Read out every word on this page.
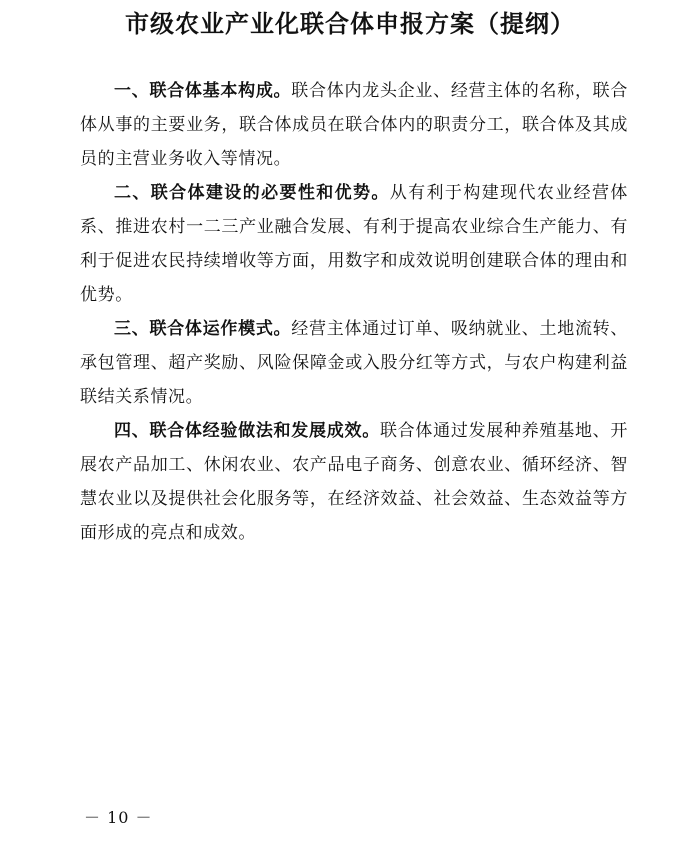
市级农业产业化联合体申报方案（提纲）

一、联合体基本构成。联合体内龙头企业、经营主体的名称，联合体从事的主要业务，联合体成员在联合体内的职责分工，联合体及其成员的主营业务收入等情况。

二、联合体建设的必要性和优势。从有利于构建现代农业经营体系、推进农村一二三产业融合发展、有利于提高农业综合生产能力、有利于促进农民持续增收等方面，用数字和成效说明创建联合体的理由和优势。

三、联合体运作模式。经营主体通过订单、吸纳就业、土地流转、承包管理、超产奖励、风险保障金或入股分红等方式，与农户构建利益联结关系情况。

四、联合体经验做法和发展成效。联合体通过发展种养殖基地、开展农产品加工、休闲农业、农产品电子商务、创意农业、循环经济、智慧农业以及提供社会化服务等，在经济效益、社会效益、生态效益等方面形成的亮点和成效。

－ 10 －
